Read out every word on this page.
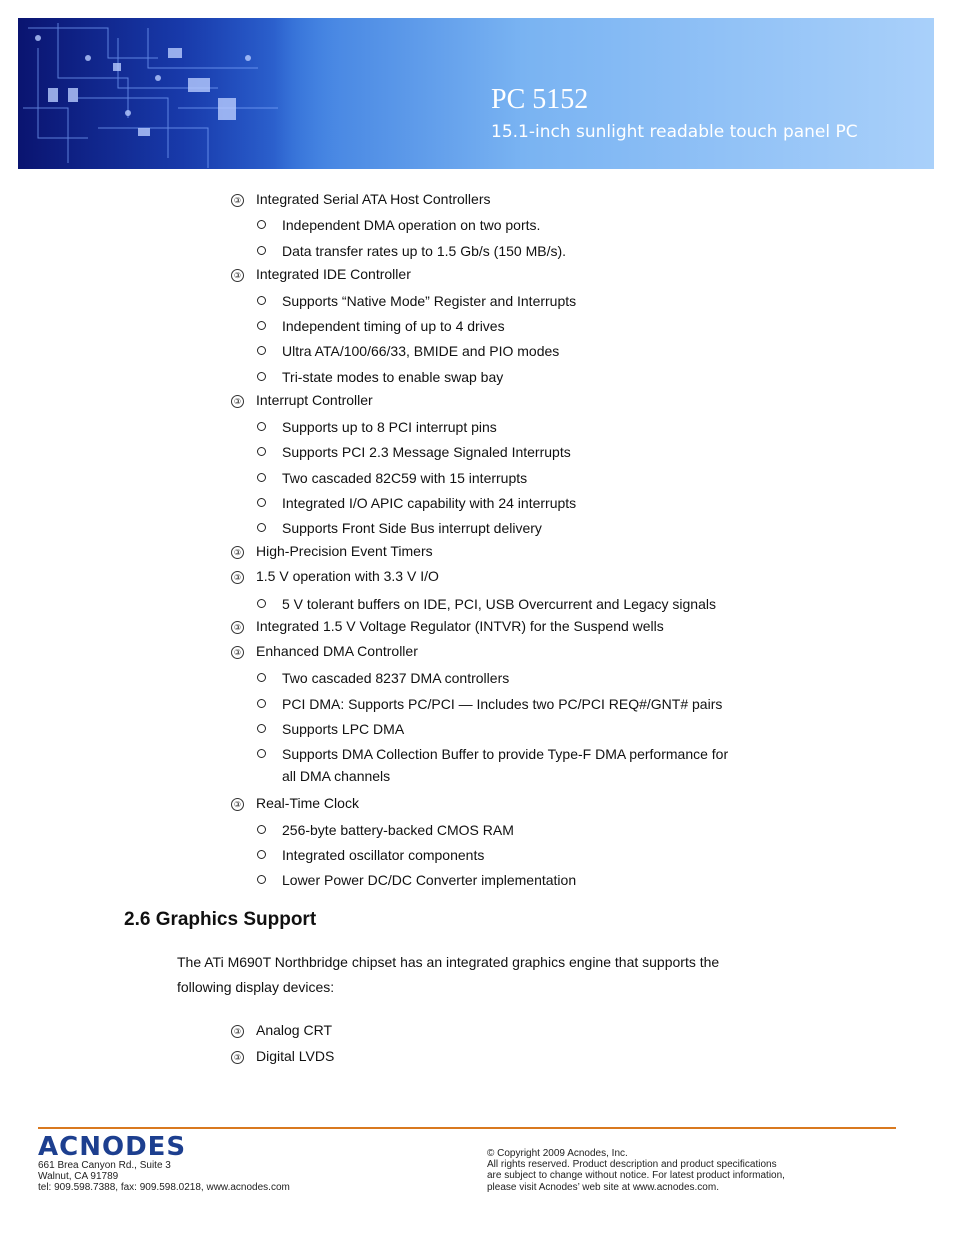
PC 5152
15.1-inch sunlight readable touch panel PC
③ Integrated Serial ATA Host Controllers
Independent DMA operation on two ports.
Data transfer rates up to 1.5 Gb/s (150 MB/s).
③ Integrated IDE Controller
Supports “Native Mode” Register and Interrupts
Independent timing of up to 4 drives
Ultra ATA/100/66/33, BMIDE and PIO modes
Tri-state modes to enable swap bay
③ Interrupt Controller
Supports up to 8 PCI interrupt pins
Supports PCI 2.3 Message Signaled Interrupts
Two cascaded 82C59 with 15 interrupts
Integrated I/O APIC capability with 24 interrupts
Supports Front Side Bus interrupt delivery
③ High-Precision Event Timers
③ 1.5 V operation with 3.3 V I/O
5 V tolerant buffers on IDE, PCI, USB Overcurrent and Legacy signals
③ Integrated 1.5 V Voltage Regulator (INTVR) for the Suspend wells
③ Enhanced DMA Controller
Two cascaded 8237 DMA controllers
PCI DMA: Supports PC/PCI — Includes two PC/PCI REQ#/GNT# pairs
Supports LPC DMA
Supports DMA Collection Buffer to provide Type-F DMA performance for
all DMA channels
③ Real-Time Clock
256-byte battery-backed CMOS RAM
Integrated oscillator components
Lower Power DC/DC Converter implementation
2.6 Graphics Support
The ATi M690T Northbridge chipset has an integrated graphics engine that supports the
following display devices:
③ Analog CRT
③ Digital LVDS
ACNODES
661 Brea Canyon Rd., Suite 3
Walnut, CA 91789
tel: 909.598.7388, fax: 909.598.0218, www.acnodes.com
© Copyright 2009 Acnodes, Inc.
All rights reserved. Product description and product specifications
are subject to change without notice. For latest product information,
please visit Acnodes’ web site at www.acnodes.com.
